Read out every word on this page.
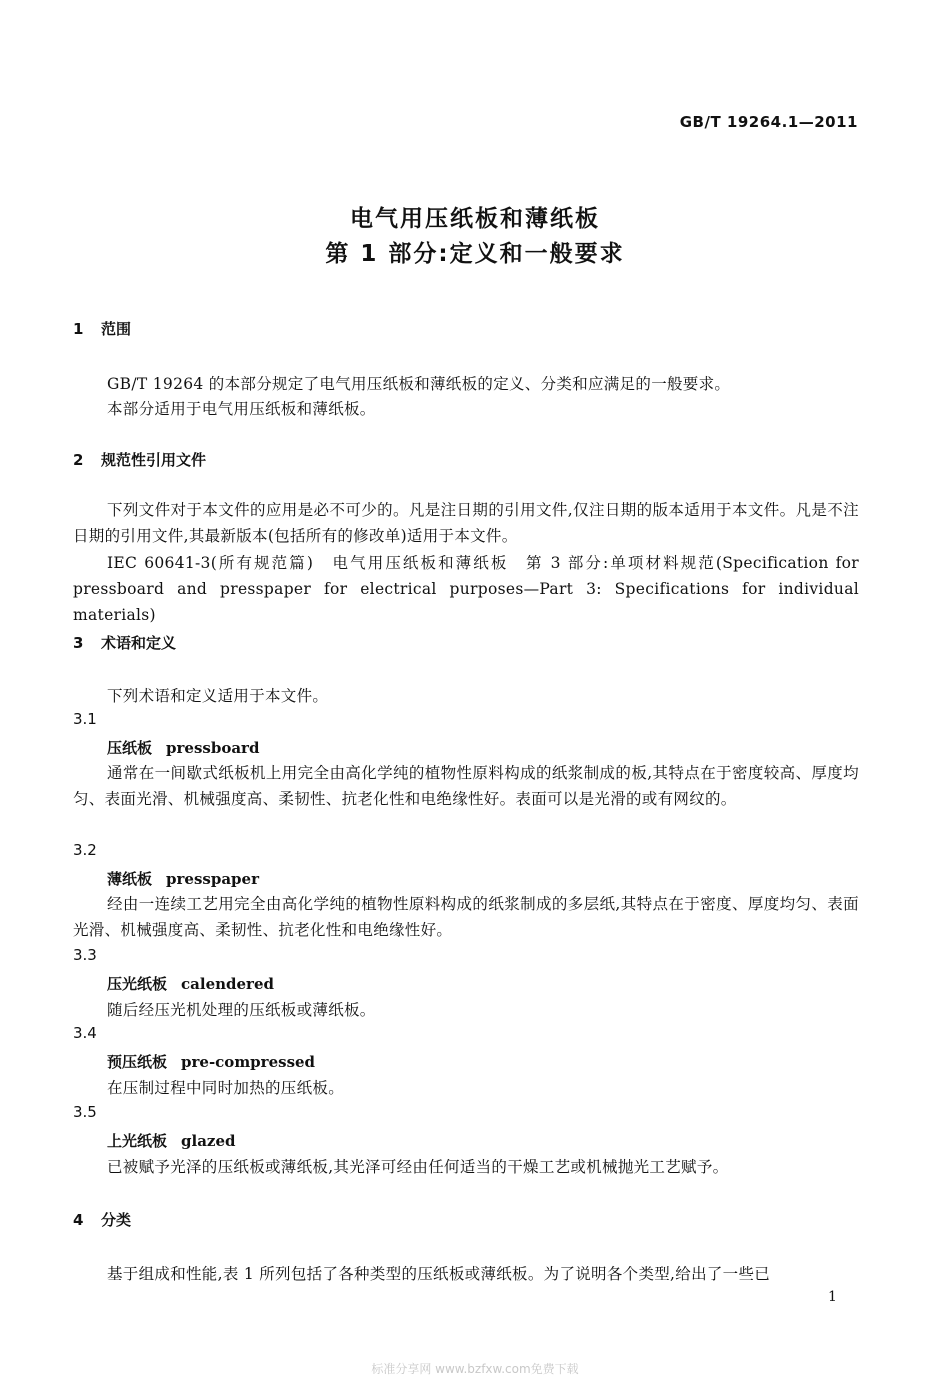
GB/T 19264.1—2011
电气用压纸板和薄纸板
第 1 部分:定义和一般要求
1 范围
GB/T 19264 的本部分规定了电气用压纸板和薄纸板的定义、分类和应满足的一般要求。
本部分适用于电气用压纸板和薄纸板。
2 规范性引用文件
下列文件对于本文件的应用是必不可少的。凡是注日期的引用文件,仅注日期的版本适用于本文件。凡是不注日期的引用文件,其最新版本(包括所有的修改单)适用于本文件。
IEC 60641-3(所有规范篇)　电气用压纸板和薄纸板　第 3 部分:单项材料规范(Specification for pressboard and presspaper for electrical purposes—Part 3: Specifications for individual materials)
3 术语和定义
下列术语和定义适用于本文件。
3.1
压纸板 pressboard
通常在一间歇式纸板机上用完全由高化学纯的植物性原料构成的纸浆制成的板,其特点在于密度较高、厚度均匀、表面光滑、机械强度高、柔韧性、抗老化性和电绝缘性好。表面可以是光滑的或有网纹的。
3.2
薄纸板 presspaper
经由一连续工艺用完全由高化学纯的植物性原料构成的纸浆制成的多层纸,其特点在于密度、厚度均匀、表面光滑、机械强度高、柔韧性、抗老化性和电绝缘性好。
3.3
压光纸板 calendered
随后经压光机处理的压纸板或薄纸板。
3.4
预压纸板 pre-compressed
在压制过程中同时加热的压纸板。
3.5
上光纸板 glazed
已被赋予光泽的压纸板或薄纸板,其光泽可经由任何适当的干燥工艺或机械抛光工艺赋予。
4 分类
基于组成和性能,表 1 所列包括了各种类型的压纸板或薄纸板。为了说明各个类型,给出了一些已
1
标准分享网 www.bzfxw.com免费下载
